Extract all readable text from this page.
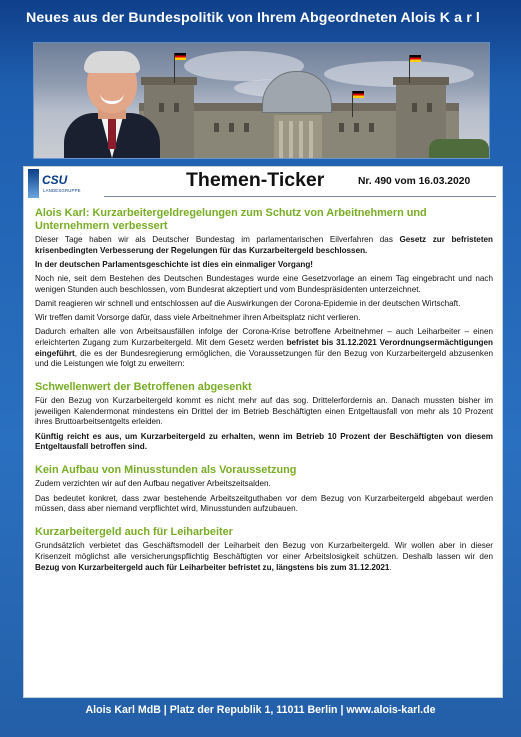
Neues aus der Bundespolitik von Ihrem Abgeordneten Alois K a r l
CSU
LANDESGRUPPE	Themen-Ticker	Nr. 490 vom 16.03.2020
Alois Karl: Kurzarbeitergeldregelungen zum Schutz von Arbeitnehmern und Unternehmern verbessert

Dieser Tage haben wir als Deutscher Bundestag im parlamentarischen Eilverfahren das Gesetz zur befristeten krisenbedingten Verbesserung der Regelungen für das Kurzarbeitergeld beschlossen.

In der deutschen Parlamentsgeschichte ist dies ein einmaliger Vorgang!

Noch nie, seit dem Bestehen des Deutschen Bundestages wurde eine Gesetzvorlage an einem Tag eingebracht und nach wenigen Stunden auch beschlossen, vom Bundesrat akzeptiert und vom Bundespräsidenten unterzeichnet.

Damit reagieren wir schnell und entschlossen auf die Auswirkungen der Corona-Epidemie in der deutschen Wirtschaft.

Wir treffen damit Vorsorge dafür, dass viele Arbeitnehmer ihren Arbeitsplatz nicht verlieren.

Dadurch erhalten alle von Arbeitsausfällen infolge der Corona-Krise betroffene Arbeitnehmer – auch Leiharbeiter – einen erleichterten Zugang zum Kurzarbeitergeld. Mit dem Gesetz werden befristet bis 31.12.2021 Verordnungsermächtigungen eingeführt, die es der Bundesregierung ermöglichen, die Voraussetzungen für den Bezug von Kurzarbeitergeld abzusenken und die Leistungen wie folgt zu erweitern:

Schwellenwert der Betroffenen abgesenkt

Für den Bezug von Kurzarbeitergeld kommt es nicht mehr auf das sog. Drittelerfordernis an. Danach mussten bisher im jeweiligen Kalendermonat mindestens ein Drittel der im Betrieb Beschäftigten einen Entgeltausfall von mehr als 10 Prozent ihres Bruttoarbeitsentgelts erleiden.

Künftig reicht es aus, um Kurzarbeitergeld zu erhalten, wenn im Betrieb 10 Prozent der Beschäftigten von diesem Entgeltausfall betroffen sind.

Kein Aufbau von Minusstunden als Voraussetzung

Zudem verzichten wir auf den Aufbau negativer Arbeitszeitsalden.

Das bedeutet konkret, dass zwar bestehende Arbeitszeitguthaben vor dem Bezug von Kurzarbeitergeld abgebaut werden müssen, dass aber niemand verpflichtet wird, Minusstunden aufzubauen.

Kurzarbeitergeld auch für Leiharbeiter

Grundsätzlich verbietet das Geschäftsmodell der Leiharbeit den Bezug von Kurzarbeitergeld. Wir wollen aber in dieser Krisenzeit möglichst alle versicherungspflichtig Beschäftigten vor einer Arbeitslosigkeit schützen. Deshalb lassen wir den Bezug von Kurzarbeitergeld auch für Leiharbeiter befristet zu, längstens bis zum 31.12.2021.

Alois Karl MdB | Platz der Republik 1, 11011 Berlin | www.alois-karl.de
